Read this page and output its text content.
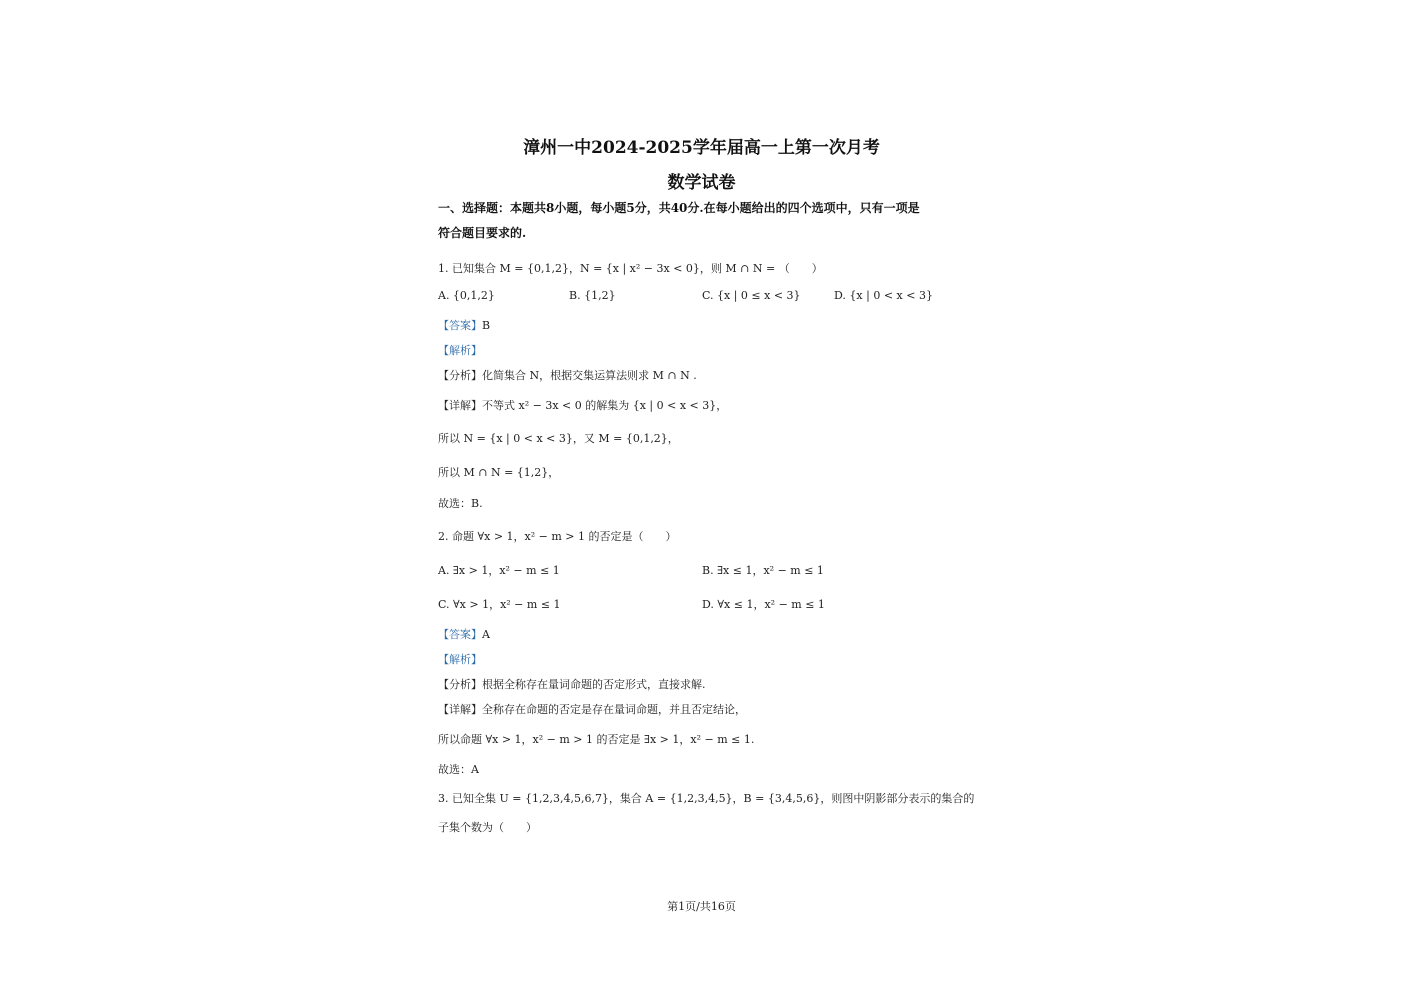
漳州一中2024-2025学年届高一上第一次月考
数学试卷
一、选择题：本题共8小题，每小题5分，共40分.在每小题给出的四个选项中，只有一项是
符合题目要求的.
1. 已知集合 M = {0,1,2}，N = {x | x² − 3x < 0}，则 M ∩ N = （　　）
A. {0,1,2}	B. {1,2}	C. {x | 0 ≤ x < 3}	D. {x | 0 < x < 3}
【答案】B
【解析】
【分析】化简集合 N，根据交集运算法则求 M ∩ N .
【详解】不等式 x² − 3x < 0 的解集为 {x | 0 < x < 3}，
所以 N = {x | 0 < x < 3}，又 M = {0,1,2}，
所以 M ∩ N = {1,2}，
故选：B.
2. 命题 ∀x > 1，x² − m > 1 的否定是（　　）
A. ∃x > 1，x² − m ≤ 1	B. ∃x ≤ 1，x² − m ≤ 1
C. ∀x > 1，x² − m ≤ 1	D. ∀x ≤ 1，x² − m ≤ 1
【答案】A
【解析】
【分析】根据全称存在量词命题的否定形式，直接求解.
【详解】全称存在命题的否定是存在量词命题，并且否定结论，
所以命题 ∀x > 1，x² − m > 1 的否定是 ∃x > 1，x² − m ≤ 1.
故选：A
3. 已知全集 U = {1,2,3,4,5,6,7}，集合 A = {1,2,3,4,5}，B = {3,4,5,6}，则图中阴影部分表示的集合的
子集个数为（　　）
第1页/共16页
